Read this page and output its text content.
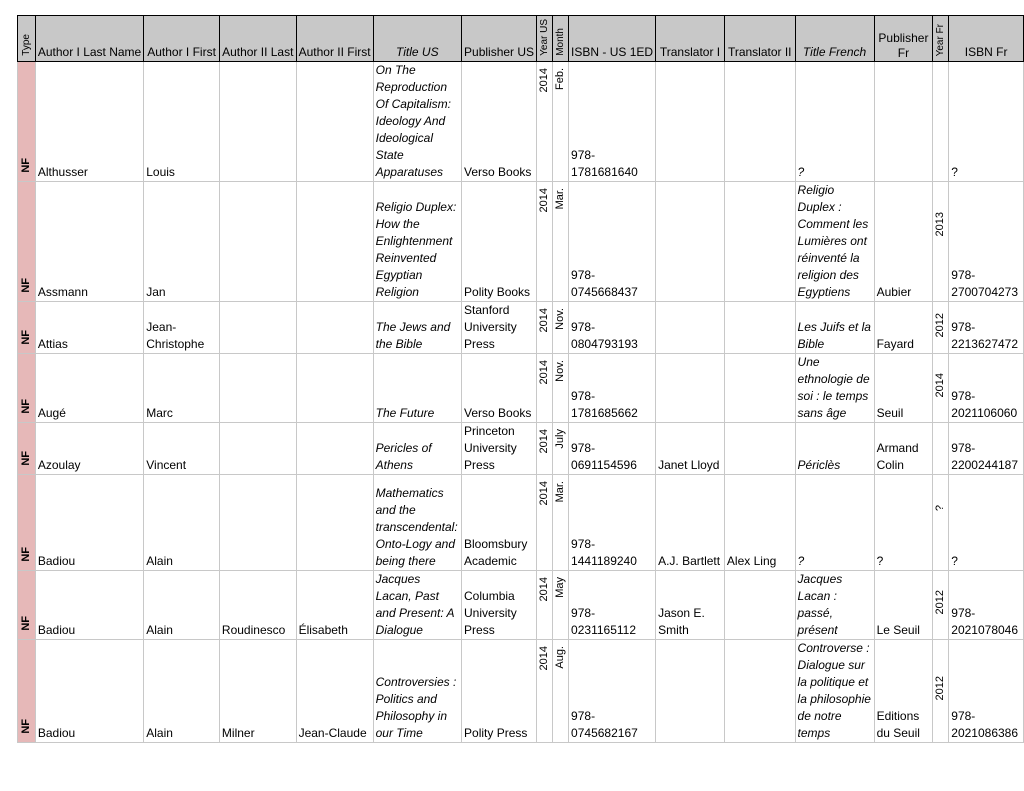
Type	Author I Last Name	Author I First	Author II Last	Author II First	Title US	Publisher US	Year US	Month	ISBN - US 1ED	Translator I	Translator II	Title French	Publisher Fr	Year Fr	ISBN Fr
NF	Althusser	Louis			On The Reproduction Of Capitalism: Ideology And Ideological State Apparatuses	Verso Books	2014	Feb.	978-1781681640			?			?
NF	Assmann	Jan			Religio Duplex: How the Enlightenment Reinvented Egyptian Religion	Polity Books	2014	Mar.	978-0745668437			Religio Duplex : Comment les Lumières ont réinventé la religion des Egyptiens	Aubier	2013	978-2700704273
NF	Attias	Jean-Christophe			The Jews and the Bible	Stanford University Press	2014	Nov.	978-0804793193			Les Juifs et la Bible	Fayard	2012	978-2213627472
NF	Augé	Marc			The Future	Verso Books	2014	Nov.	978-1781685662			Une ethnologie de soi : le temps sans âge	Seuil	2014	978-2021106060
NF	Azoulay	Vincent			Pericles of Athens	Princeton University Press	2014	July	978-0691154596	Janet Lloyd		Périclès	Armand Colin		978-2200244187
NF	Badiou	Alain			Mathematics and the transcendental: Onto-Logy and being there	Bloomsbury Academic	2014	Mar.	978-1441189240	A.J. Bartlett	Alex Ling	?	?	?	?
NF	Badiou	Alain	Roudinesco	Élisabeth	Jacques Lacan, Past and Present: A Dialogue	Columbia University Press	2014	May	978-0231165112	Jason E. Smith		Jacques Lacan : passé, présent	Le Seuil	2012	978-2021078046
NF	Badiou	Alain	Milner	Jean-Claude	Controversies : Politics and Philosophy in our Time	Polity Press	2014	Aug.	978-0745682167			Controverse : Dialogue sur la politique et la philosophie de notre temps	Editions du Seuil	2012	978-2021086386
